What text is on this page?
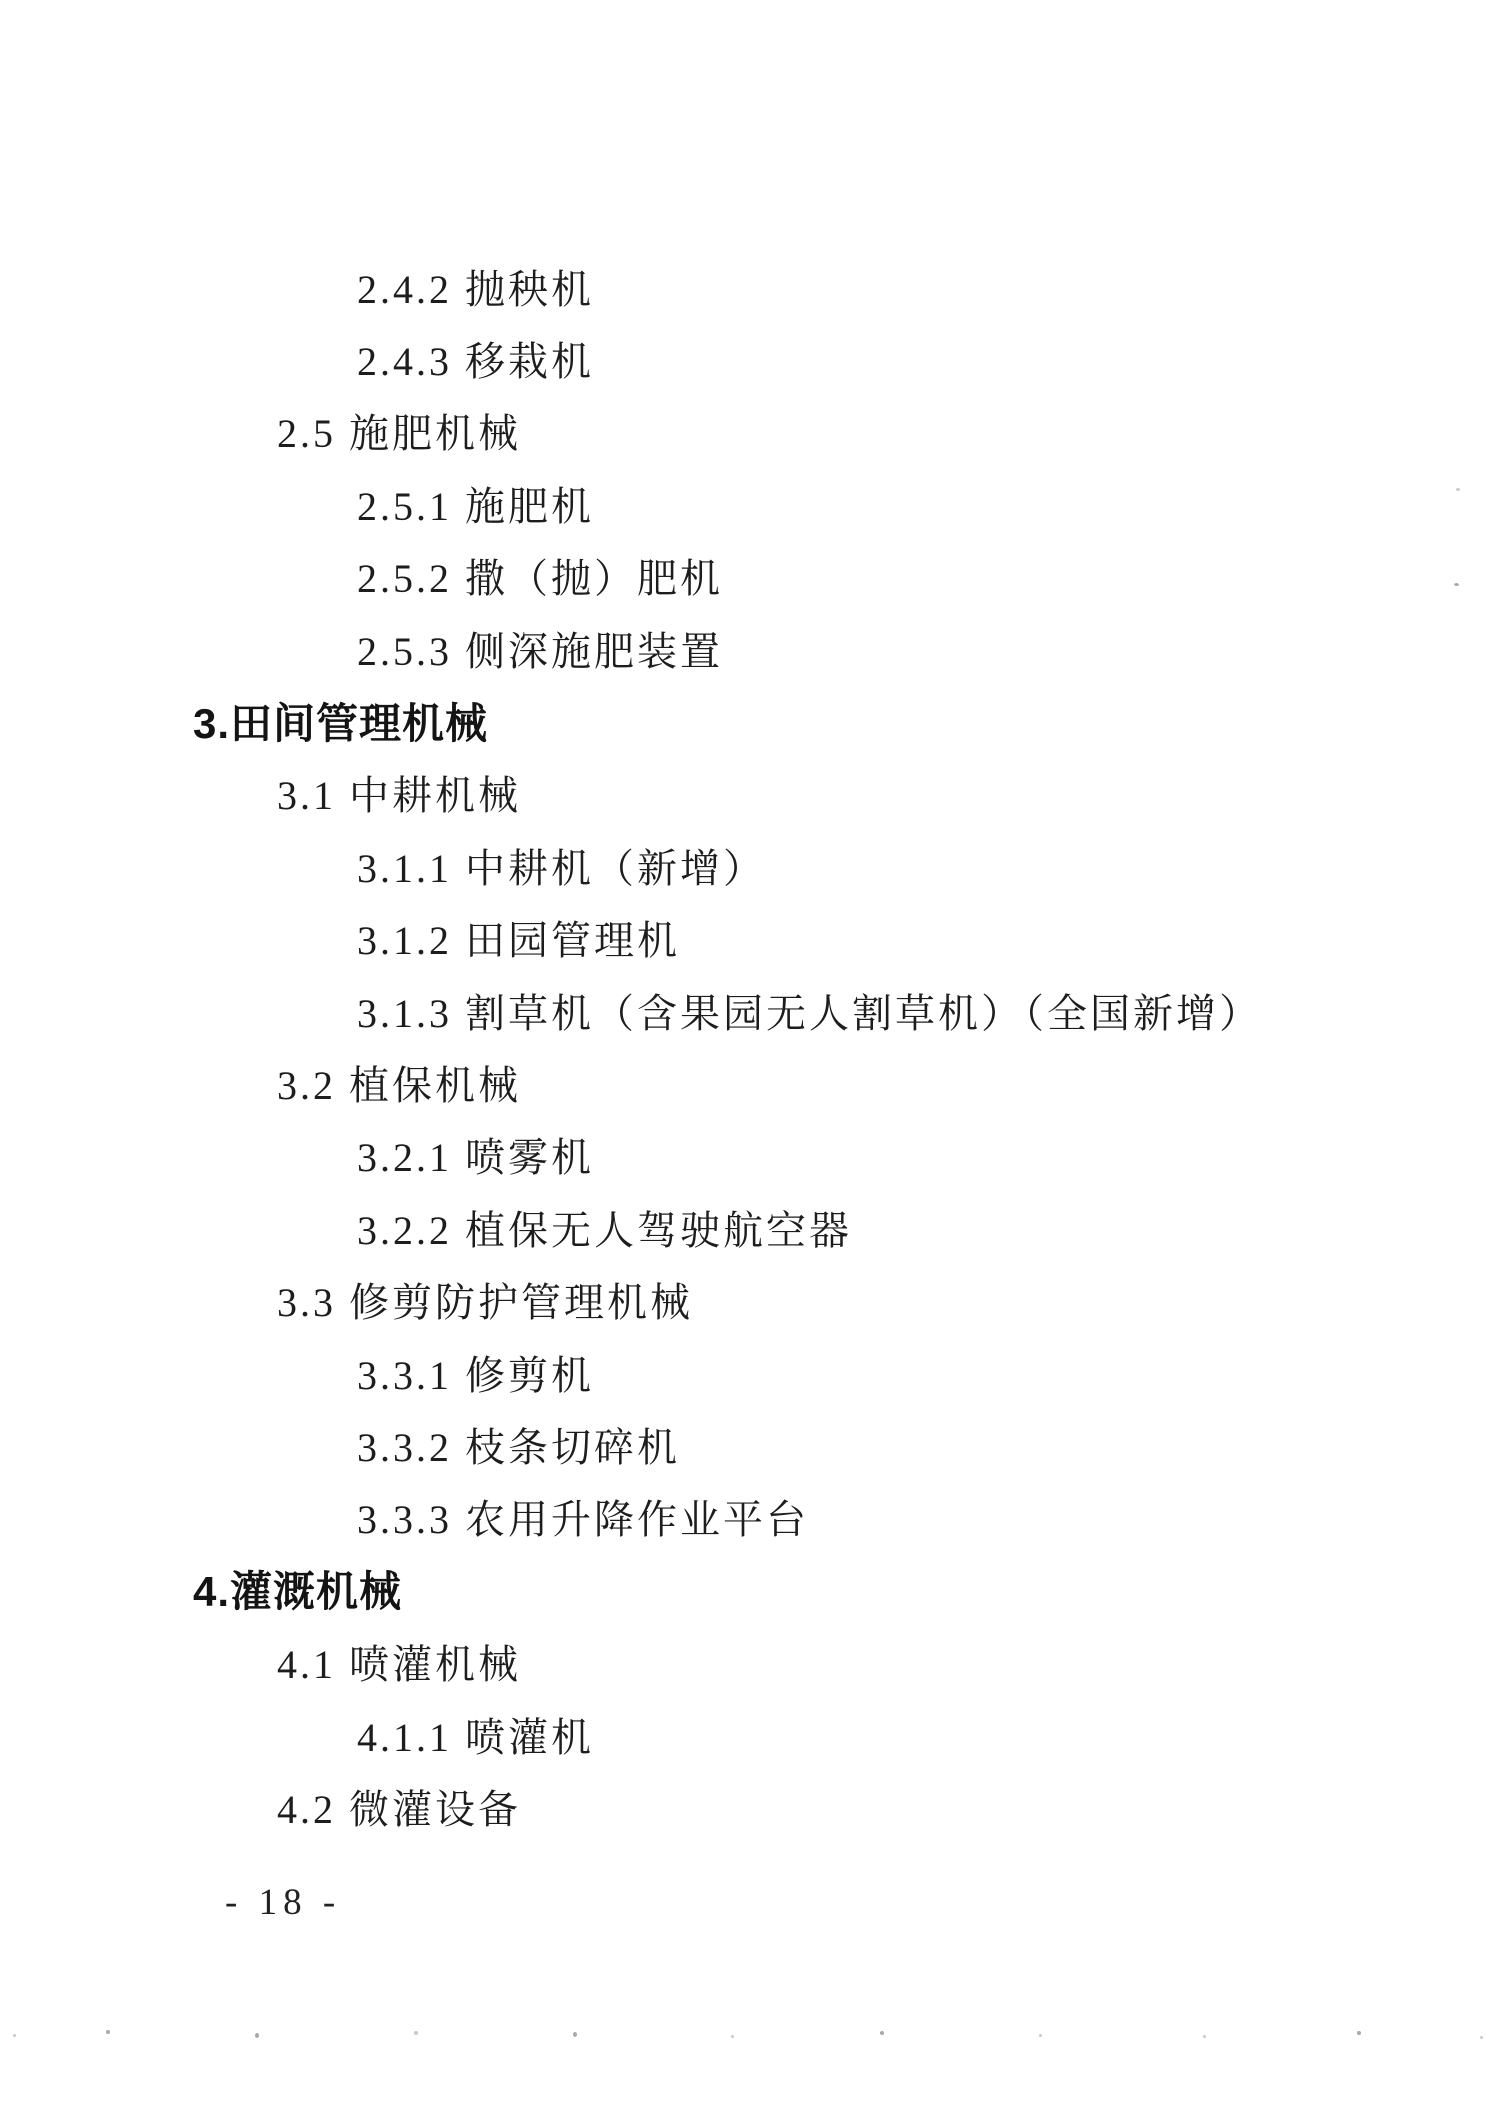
2.4.2 抛秧机
2.4.3 移栽机
2.5 施肥机械
2.5.1 施肥机
2.5.2 撒（抛）肥机
2.5.3 侧深施肥装置
3.田间管理机械
3.1 中耕机械
3.1.1 中耕机（新增）
3.1.2 田园管理机
3.1.3 割草机（含果园无人割草机）（全国新增）
3.2 植保机械
3.2.1 喷雾机
3.2.2 植保无人驾驶航空器
3.3 修剪防护管理机械
3.3.1 修剪机
3.3.2 枝条切碎机
3.3.3 农用升降作业平台
4.灌溉机械
4.1 喷灌机械
4.1.1 喷灌机
4.2 微灌设备
- 18 -
